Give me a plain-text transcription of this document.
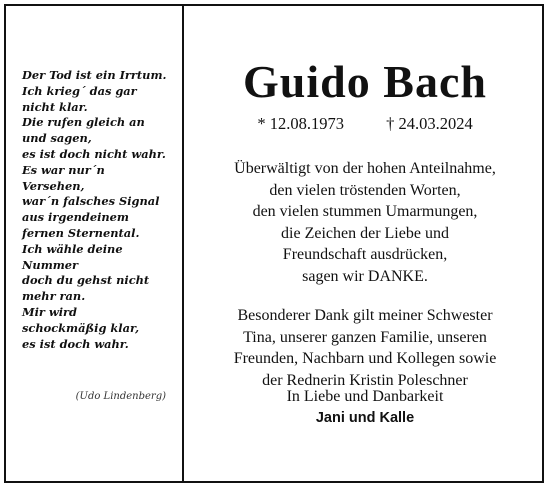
Der Tod ist ein Irrtum.
Ich krieg´ das gar
nicht klar.
Die rufen gleich an
und sagen,
es ist doch nicht wahr.
Es war nur´n
Versehen,
war´n falsches Signal
aus irgendeinem
fernen Sternental.
Ich wähle deine
Nummer
doch du gehst nicht
mehr ran.
Mir wird
schockmäßig klar,
es ist doch wahr.
(Udo Lindenberg)
Guido Bach
* 12.08.1973	† 24.03.2024
Überwältigt von der hohen Anteilnahme,
den vielen tröstenden Worten,
den vielen stummen Umarmungen,
die Zeichen der Liebe und
Freundschaft ausdrücken,
sagen wir DANKE.
Besonderer Dank gilt meiner Schwester
Tina, unserer ganzen Familie, unseren
Freunden, Nachbarn und Kollegen sowie
der Rednerin Kristin Poleschner
In Liebe und Danbarkeit
Jani und Kalle
